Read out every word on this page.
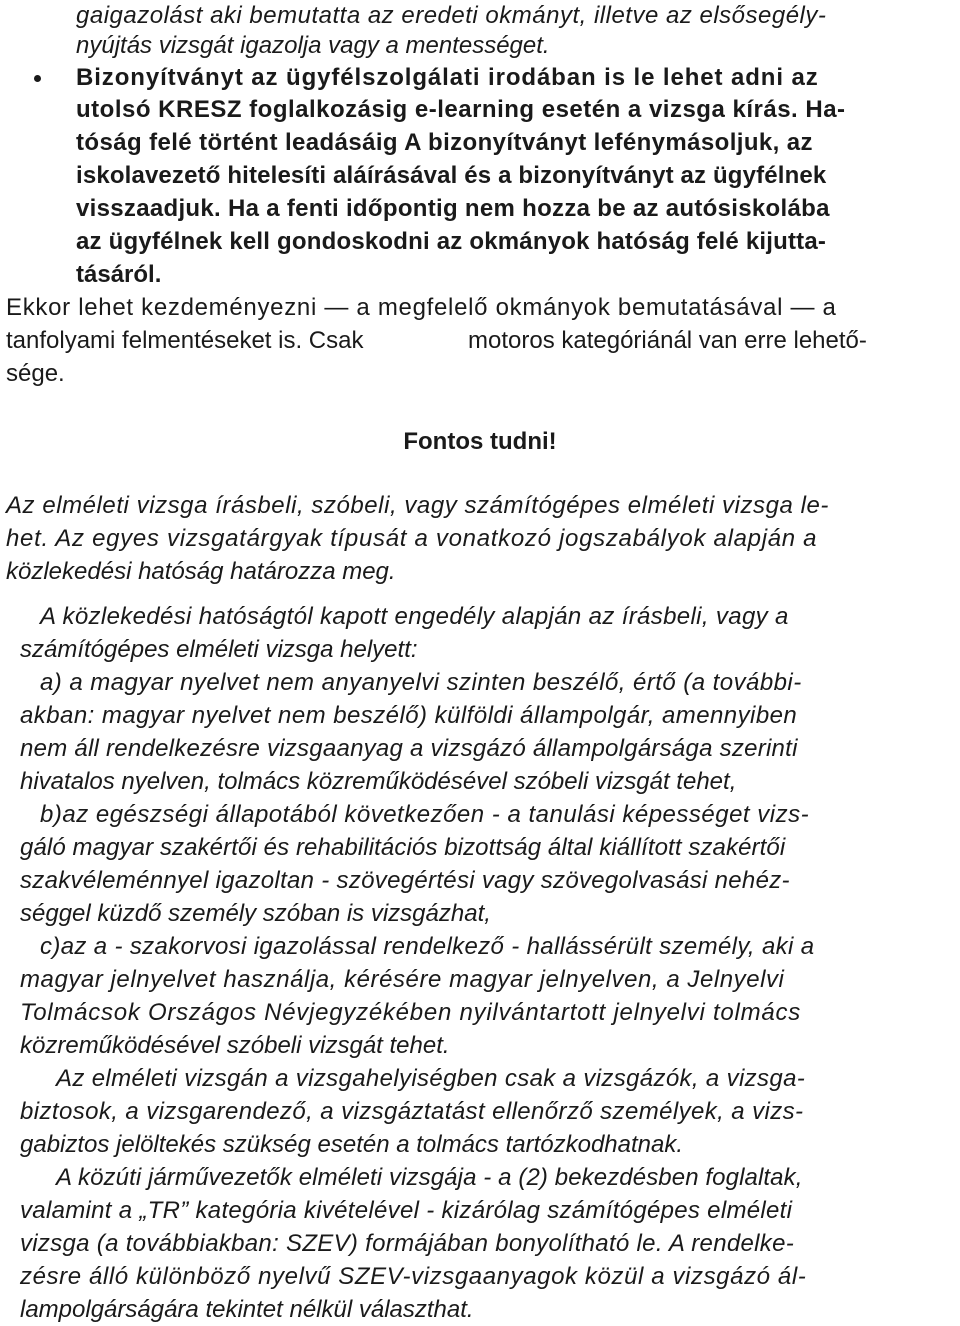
gaigazolást aki bemutatta az eredeti okmányt, illetve az elsősegély-
nyújtás vizsgát igazolja vagy a mentességet.
Bizonyítványt az ügyfélszolgálati irodában is le lehet adni az
utolsó KRESZ foglalkozásig e-learning esetén a vizsga kírás. Ha-
tóság felé történt leadásáig A bizonyítványt lefénymásoljuk, az
iskolavezető hitelesíti aláírásával és a bizonyítványt az ügyfélnek
visszaadjuk. Ha a fenti időpontig nem hozza be az autósiskolába
az ügyfélnek kell gondoskodni az okmányok hatóság felé kijutta-
tásáról.
Ekkor lehet kezdeményezni — a megfelelő okmányok bemutatásával — a
tanfolyami felmentéseket is. Csak	motoros kategóriánál van erre lehető-
sége.
Fontos tudni!
Az elméleti vizsga írásbeli, szóbeli, vagy számítógépes elméleti vizsga le-
het. Az egyes vizsgatárgyak típusát a vonatkozó jogszabályok alapján a
közlekedési hatóság határozza meg.
A közlekedési hatóságtól kapott engedély alapján az írásbeli, vagy a
számítógépes elméleti vizsga helyett:
a) a magyar nyelvet nem anyanyelvi szinten beszélő, értő (a további-
akban: magyar nyelvet nem beszélő) külföldi állampolgár, amennyiben
nem áll rendelkezésre vizsgaanyag a vizsgázó állampolgársága szerinti
hivatalos nyelven, tolmács közreműködésével szóbeli vizsgát tehet,
b)az egészségi állapotából következően - a tanulási képességet vizs-
gáló magyar szakértői és rehabilitációs bizottság által kiállított szakértői
szakvéleménnyel igazoltan - szövegértési vagy szövegolvasási nehéz-
séggel küzdő személy szóban is vizsgázhat,
c)az a - szakorvosi igazolással rendelkező - hallássérült személy, aki a
magyar jelnyelvet használja, kérésére magyar jelnyelven, a Jelnyelvi
Tolmácsok Országos Névjegyzékében nyilvántartott jelnyelvi tolmács
közreműködésével szóbeli vizsgát tehet.
Az elméleti vizsgán a vizsgahelyiségben csak a vizsgázók, a vizsga-
biztosok, a vizsgarendező, a vizsgáztatást ellenőrző személyek, a vizs-
gabiztos jelöltekés szükség esetén a tolmács tartózkodhatnak.
A közúti járművezetők elméleti vizsgája - a (2) bekezdésben foglaltak,
valamint a „TR” kategória kivételével - kizárólag számítógépes elméleti
vizsga (a továbbiakban: SZEV) formájában bonyolítható le. A rendelke-
zésre álló különböző nyelvű SZEV-vizsgaanyagok közül a vizsgázó ál-
lampolgárságára tekintet nélkül választhat.
